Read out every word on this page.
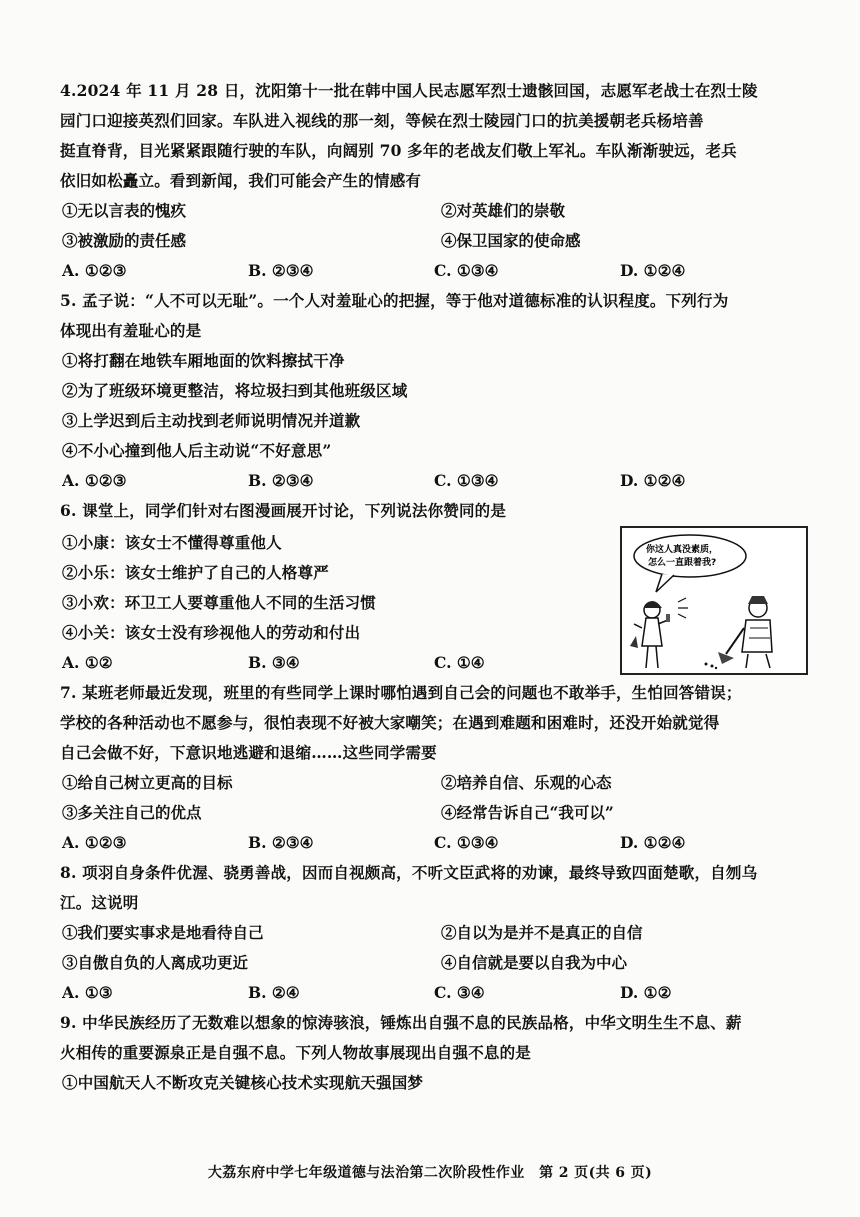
4.2024 年 11 月 28 日，沈阳第十一批在韩中国人民志愿军烈士遗骸回国，志愿军老战士在烈士陵
园门口迎接英烈们回家。车队进入视线的那一刻，等候在烈士陵园门口的抗美援朝老兵杨培善
挺直脊背，目光紧紧跟随行驶的车队，向阔别 70 多年的老战友们敬上军礼。车队渐渐驶远，老兵
依旧如松矗立。看到新闻，我们可能会产生的情感有
①无以言表的愧疚	②对英雄们的崇敬
③被激励的责任感	④保卫国家的使命感
A. ①②③	B. ②③④	C. ①③④	D. ①②④
5. 孟子说：“人不可以无耻”。一个人对羞耻心的把握，等于他对道德标准的认识程度。下列行为
体现出有羞耻心的是
①将打翻在地铁车厢地面的饮料擦拭干净
②为了班级环境更整洁，将垃圾扫到其他班级区域
③上学迟到后主动找到老师说明情况并道歉
④不小心撞到他人后主动说“不好意思”
A. ①②③	B. ②③④	C. ①③④	D. ①②④
6. 课堂上，同学们针对右图漫画展开讨论，下列说法你赞同的是
①小康：该女士不懂得尊重他人
②小乐：该女士维护了自己的人格尊严
③小欢：环卫工人要尊重他人不同的生活习惯
④小关：该女士没有珍视他人的劳动和付出
你这人真没素质，
怎么一直跟着我?
A. ①②	B. ③④	C. ①④
7. 某班老师最近发现，班里的有些同学上课时哪怕遇到自己会的问题也不敢举手，生怕回答错误；
学校的各种活动也不愿参与，很怕表现不好被大家嘲笑；在遇到难题和困难时，还没开始就觉得
自己会做不好，下意识地逃避和退缩……这些同学需要
①给自己树立更高的目标	②培养自信、乐观的心态
③多关注自己的优点	④经常告诉自己“我可以”
A. ①②③	B. ②③④	C. ①③④	D. ①②④
8. 项羽自身条件优渥、骁勇善战，因而自视颇高，不听文臣武将的劝谏，最终导致四面楚歌，自刎乌
江。这说明
①我们要实事求是地看待自己	②自以为是并不是真正的自信
③自傲自负的人离成功更近	④自信就是要以自我为中心
A. ①③	B. ②④	C. ③④	D. ①②
9. 中华民族经历了无数难以想象的惊涛骇浪，锤炼出自强不息的民族品格，中华文明生生不息、薪
火相传的重要源泉正是自强不息。下列人物故事展现出自强不息的是
①中国航天人不断攻克关键核心技术实现航天强国梦
大荔东府中学七年级道德与法治第二次阶段性作业　第 2 页(共 6 页)
